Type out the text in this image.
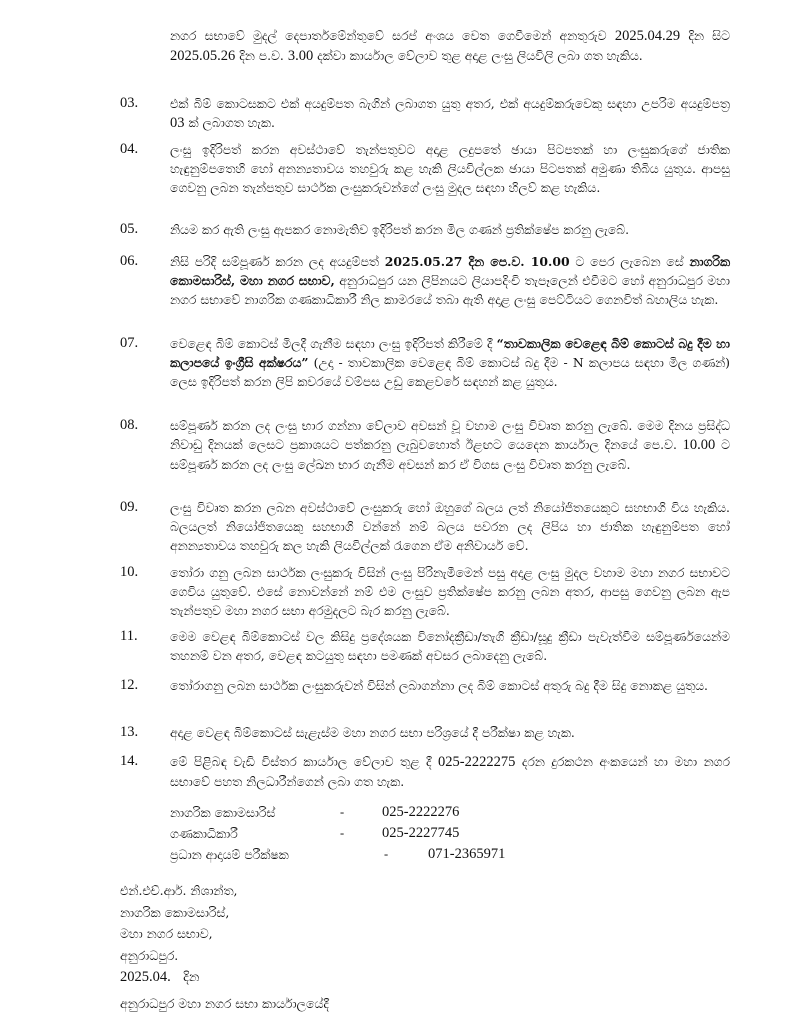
නගර සභාවේ මුදල් දෙපාර්තමේන්තුවේ සරප් අංශය වෙත ගෙවීමෙන් අනතුරුව 2025.04.29 දින සිට 2025.05.26 දින ප.ව. 3.00 දක්වා කාර්යාල වේලාව තුළ අදාළ ලංසු ලියවිලි ලබා ගත හැකිය.
03.	එක් බිම් කොටසකට එක් අයදුම්පත බැගින් ලබාගත යුතු අතර, එක් අයදුම්කරුවෙකු සඳහා උපරිම අයදුම්පත්‍ර 03 ක් ලබාගත හැක.
04.	ලංසු ඉදිරිපත් කරන අවස්ථාවේ තැන්පතුවට අදාළ ලදුපතේ ඡායා පිටපතක් හා ලංසුකරුගේ ජාතික හැඳුනුම්පතෙහි හෝ අනන්‍යතාවය තහවුරු කළ හැකි ලියවිල්ලක ඡායා පිටපතක් අමුණා තිබිය යුතුය. ආපසු ගෙවනු ලබන තැන්පතුව සාර්ථක ලංසුකරුවන්ගේ ලංසු මුදල සඳහා හිලව් කළ හැකිය.
05.	නියම කර ඇති ලංසු ඇපකර නොමැතිව ඉදිරිපත් කරන මිල ගණන් ප්‍රතික්ෂේප කරනු ලැබේ.
06.	නිසි පරිදි සම්පූර්ණ කරන ලද අයදුම්පත් 2025.05.27 දින පෙ.ව. 10.00 ට පෙර ලැබෙන සේ නාගරික කොමසාරිස්, මහා නගර සභාව, අනුරාධපුර යන ලිපිනයට ලියාපදිංචි තැපෑලෙන් එවීමට හෝ අනුරාධපුර මහා නගර සභාවේ නාගරික ගණකාධිකාරී නිල කාමරයේ තබා ඇති අදාළ ලංසු පෙට්ටියට ගෙනවිත් බහාලිය හැක.
07.	වෙළෙඳ බිම් කොටස් මිලදී ගැනීම සඳහා ලංසු ඉදිරිපත් කිරීමේ දී “තාවකාලික වෙළෙඳ බිම් කොටස් බදු දීම හා කලාපයේ ඉංග්‍රීසි අක්ෂරය” (උදා - තාවකාලික වෙළෙඳ බිම් කොටස් බදු දීම - N කලාපය සඳහා මිල ගණන්) ලෙස ඉදිරිපත් කරන ලිපි කවරයේ වම්පස උඩු කෙළවරේ සඳහන් කළ යුතුය.
08.	සම්පූර්ණ කරන ලද ලංසු භාර ගන්නා වේලාව අවසන් වූ වහාම ලංසු විවෘත කරනු ලැබේ. මෙම දිනය ප්‍රසිද්ධ නිවාඩු දිනයක් ලෙසට ප්‍රකාශයට පත්කරනු ලැබුවහොත් ඊළඟට යෙදෙන කාර්යාල දිනයේ පෙ.ව. 10.00 ට සම්පූර්ණ කරන ලද ලංසු ලේඛන භාර ගැනීම අවසන් කර ඒ විගස ලංසු විවෘත කරනු ලැබේ.
09.	ලංසු විවෘත කරන ලබන අවස්ථාවේ ලංසුකරු හෝ ඔහුගේ බලය ලත් නියෝජිතයෙකුට සහභාගි විය හැකිය. බලයලත් නියෝජිතයෙකු සහභාගි වන්නේ නම් බලය පවරන ලද ලිපිය හා ජාතික හැඳුනුම්පත හෝ අනන්‍යතාවය තහවුරු කල හැකි ලියවිල්ලක් රැගෙන ඒම අනිවාර්ය වේ.
10.	තෝරා ගනු ලබන සාර්ථක ලංසුකරු විසින් ලංසු පිරිනැමීමෙන් පසු අදාළ ලංසු මුදල වහාම මහා නගර සභාවට ගෙවිය යුතුවේ. එසේ නොවන්නේ නම් එම ලංසුව ප්‍රතික්ෂේප කරනු ලබන අතර, ආපසු ගෙවනු ලබන ඇප තැන්පතුව මහා නගර සභා අරමුදලට බැර කරනු ලැබේ.
11.	මෙම වෙළඳ බිම්කොටස් වල කිසිදු ප්‍රදේශයක විනෝදක්‍රීඩා/තැගි ක්‍රීඩා/සූදු ක්‍රීඩා පැවැත්වීම සම්පූර්ණයෙන්ම තහනම් වන අතර, වෙළඳ කටයුතු සඳහා පමණක් අවසර ලබාදෙනු ලැබේ.
12.	තෝරාගනු ලබන සාර්ථක ලංසුකරුවන් විසින් ලබාගන්නා ලද බිම් කොටස් අතුරු බදු දීම සිදු නොකළ යුතුය.
13.	අදාළ වෙළඳ බිම්කොටස් සැළැස්ම මහා නගර සභා පරිශ්‍රයේ දී පරීක්ෂා කළ හැක.
14.	මේ පිළිබඳ වැඩි විස්තර කාර්යාල වේලාව තුළ දී 025-2222275 දරන දුරකථන අංකයෙන් හා මහා නගර සභාවේ පහත නිලධාරීන්ගෙන් ලබා ගත හැක.
නාගරික කොමසාරිස්	-	025-2222276
ගණකාධිකාරී	-	025-2227745
ප්‍රධාන ආදායම් පරීක්ෂක	-	071-2365971
එන්.එච්.ආර්. නිශාන්ත,
නාගරික කොමසාරිස්,
මහා නගර සභාව,
අනුරාධපුර.
2025.04.   දින
අනුරාධපුර මහා නගර සභා කාර්යාලයේදී
